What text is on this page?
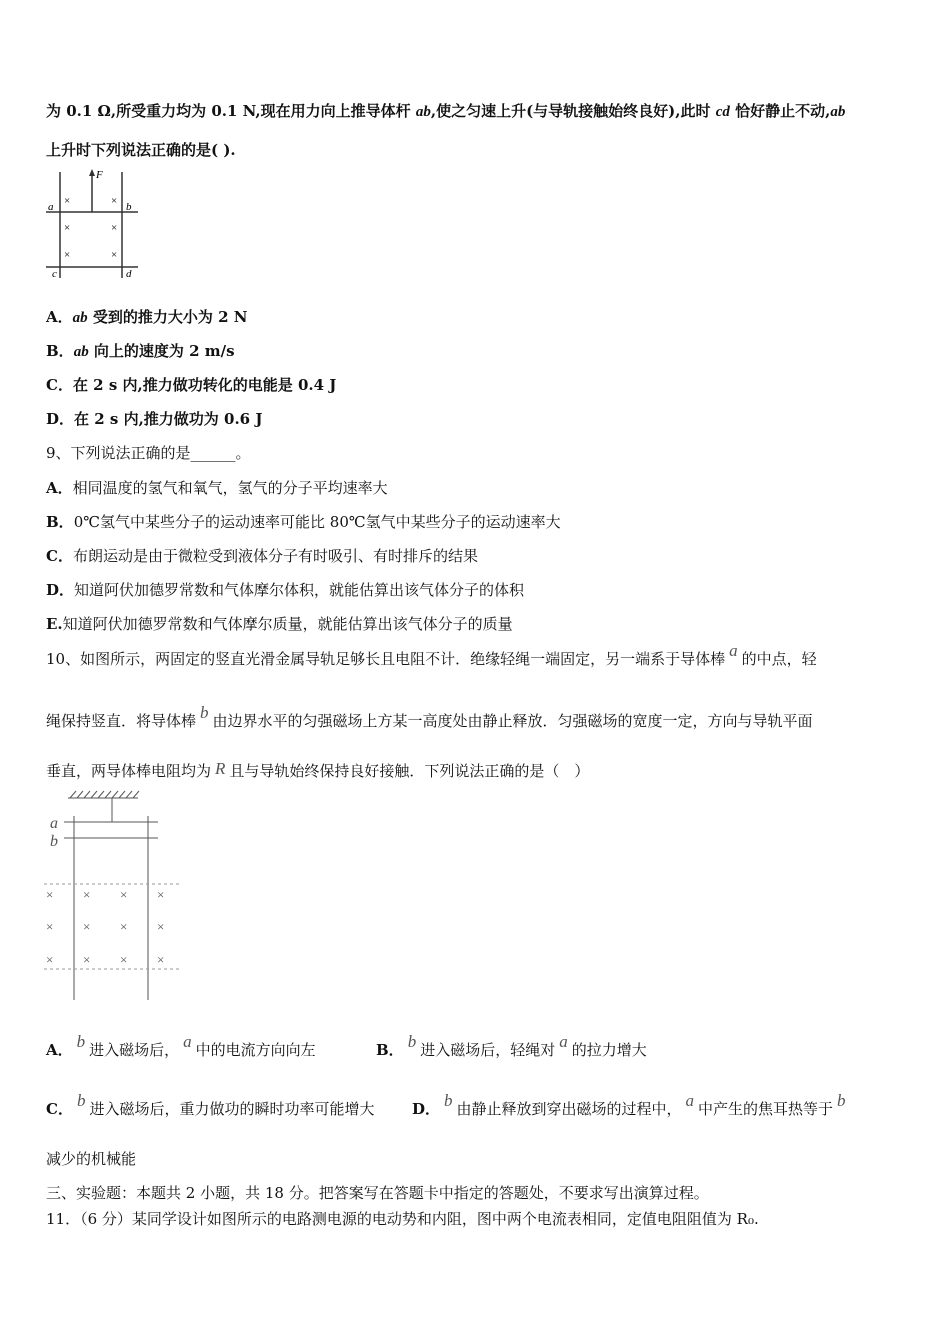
为 0.1 Ω,所受重力均为 0.1 N,现在用力向上推导体杆 ab,使之匀速上升(与导轨接触始终良好),此时 cd 恰好静止不动,ab
上升时下列说法正确的是( ).
F
a	b
c	d
×	×
×	×
×	×
A．ab 受到的推力大小为 2 N
B．ab 向上的速度为 2 m/s
C．在 2 s 内,推力做功转化的电能是 0.4 J
D．在 2 s 内,推力做功为 0.6 J
9、下列说法正确的是______。
A．相同温度的氢气和氧气，氢气的分子平均速率大
B．0℃氢气中某些分子的运动速率可能比 80℃氢气中某些分子的运动速率大
C．布朗运动是由于微粒受到液体分子有时吸引、有时排斥的结果
D．知道阿伏加德罗常数和气体摩尔体积，就能估算出该气体分子的体积
E.知道阿伏加德罗常数和气体摩尔质量，就能估算出该气体分子的质量
10、如图所示，两固定的竖直光滑金属导轨足够长且电阻不计．绝缘轻绳一端固定，另一端系于导体棒 a 的中点，轻
绳保持竖直．将导体棒 b 由边界水平的匀强磁场上方某一高度处由静止释放．匀强磁场的宽度一定，方向与导轨平面
垂直，两导体棒电阻均为 R 且与导轨始终保持良好接触．下列说法正确的是（　）
a
b
× × × ×
× × × ×
× × × ×
A． b 进入磁场后， a 中的电流方向向左	B． b 进入磁场后，轻绳对 a 的拉力增大
C． b 进入磁场后，重力做功的瞬时功率可能增大	D． b 由静止释放到穿出磁场的过程中， a 中产生的焦耳热等于 b
减少的机械能
三、实验题：本题共 2 小题，共 18 分。把答案写在答题卡中指定的答题处，不要求写出演算过程。
11．（6 分）某同学设计如图所示的电路测电源的电动势和内阻，图中两个电流表相同，定值电阻阻值为 R₀.
